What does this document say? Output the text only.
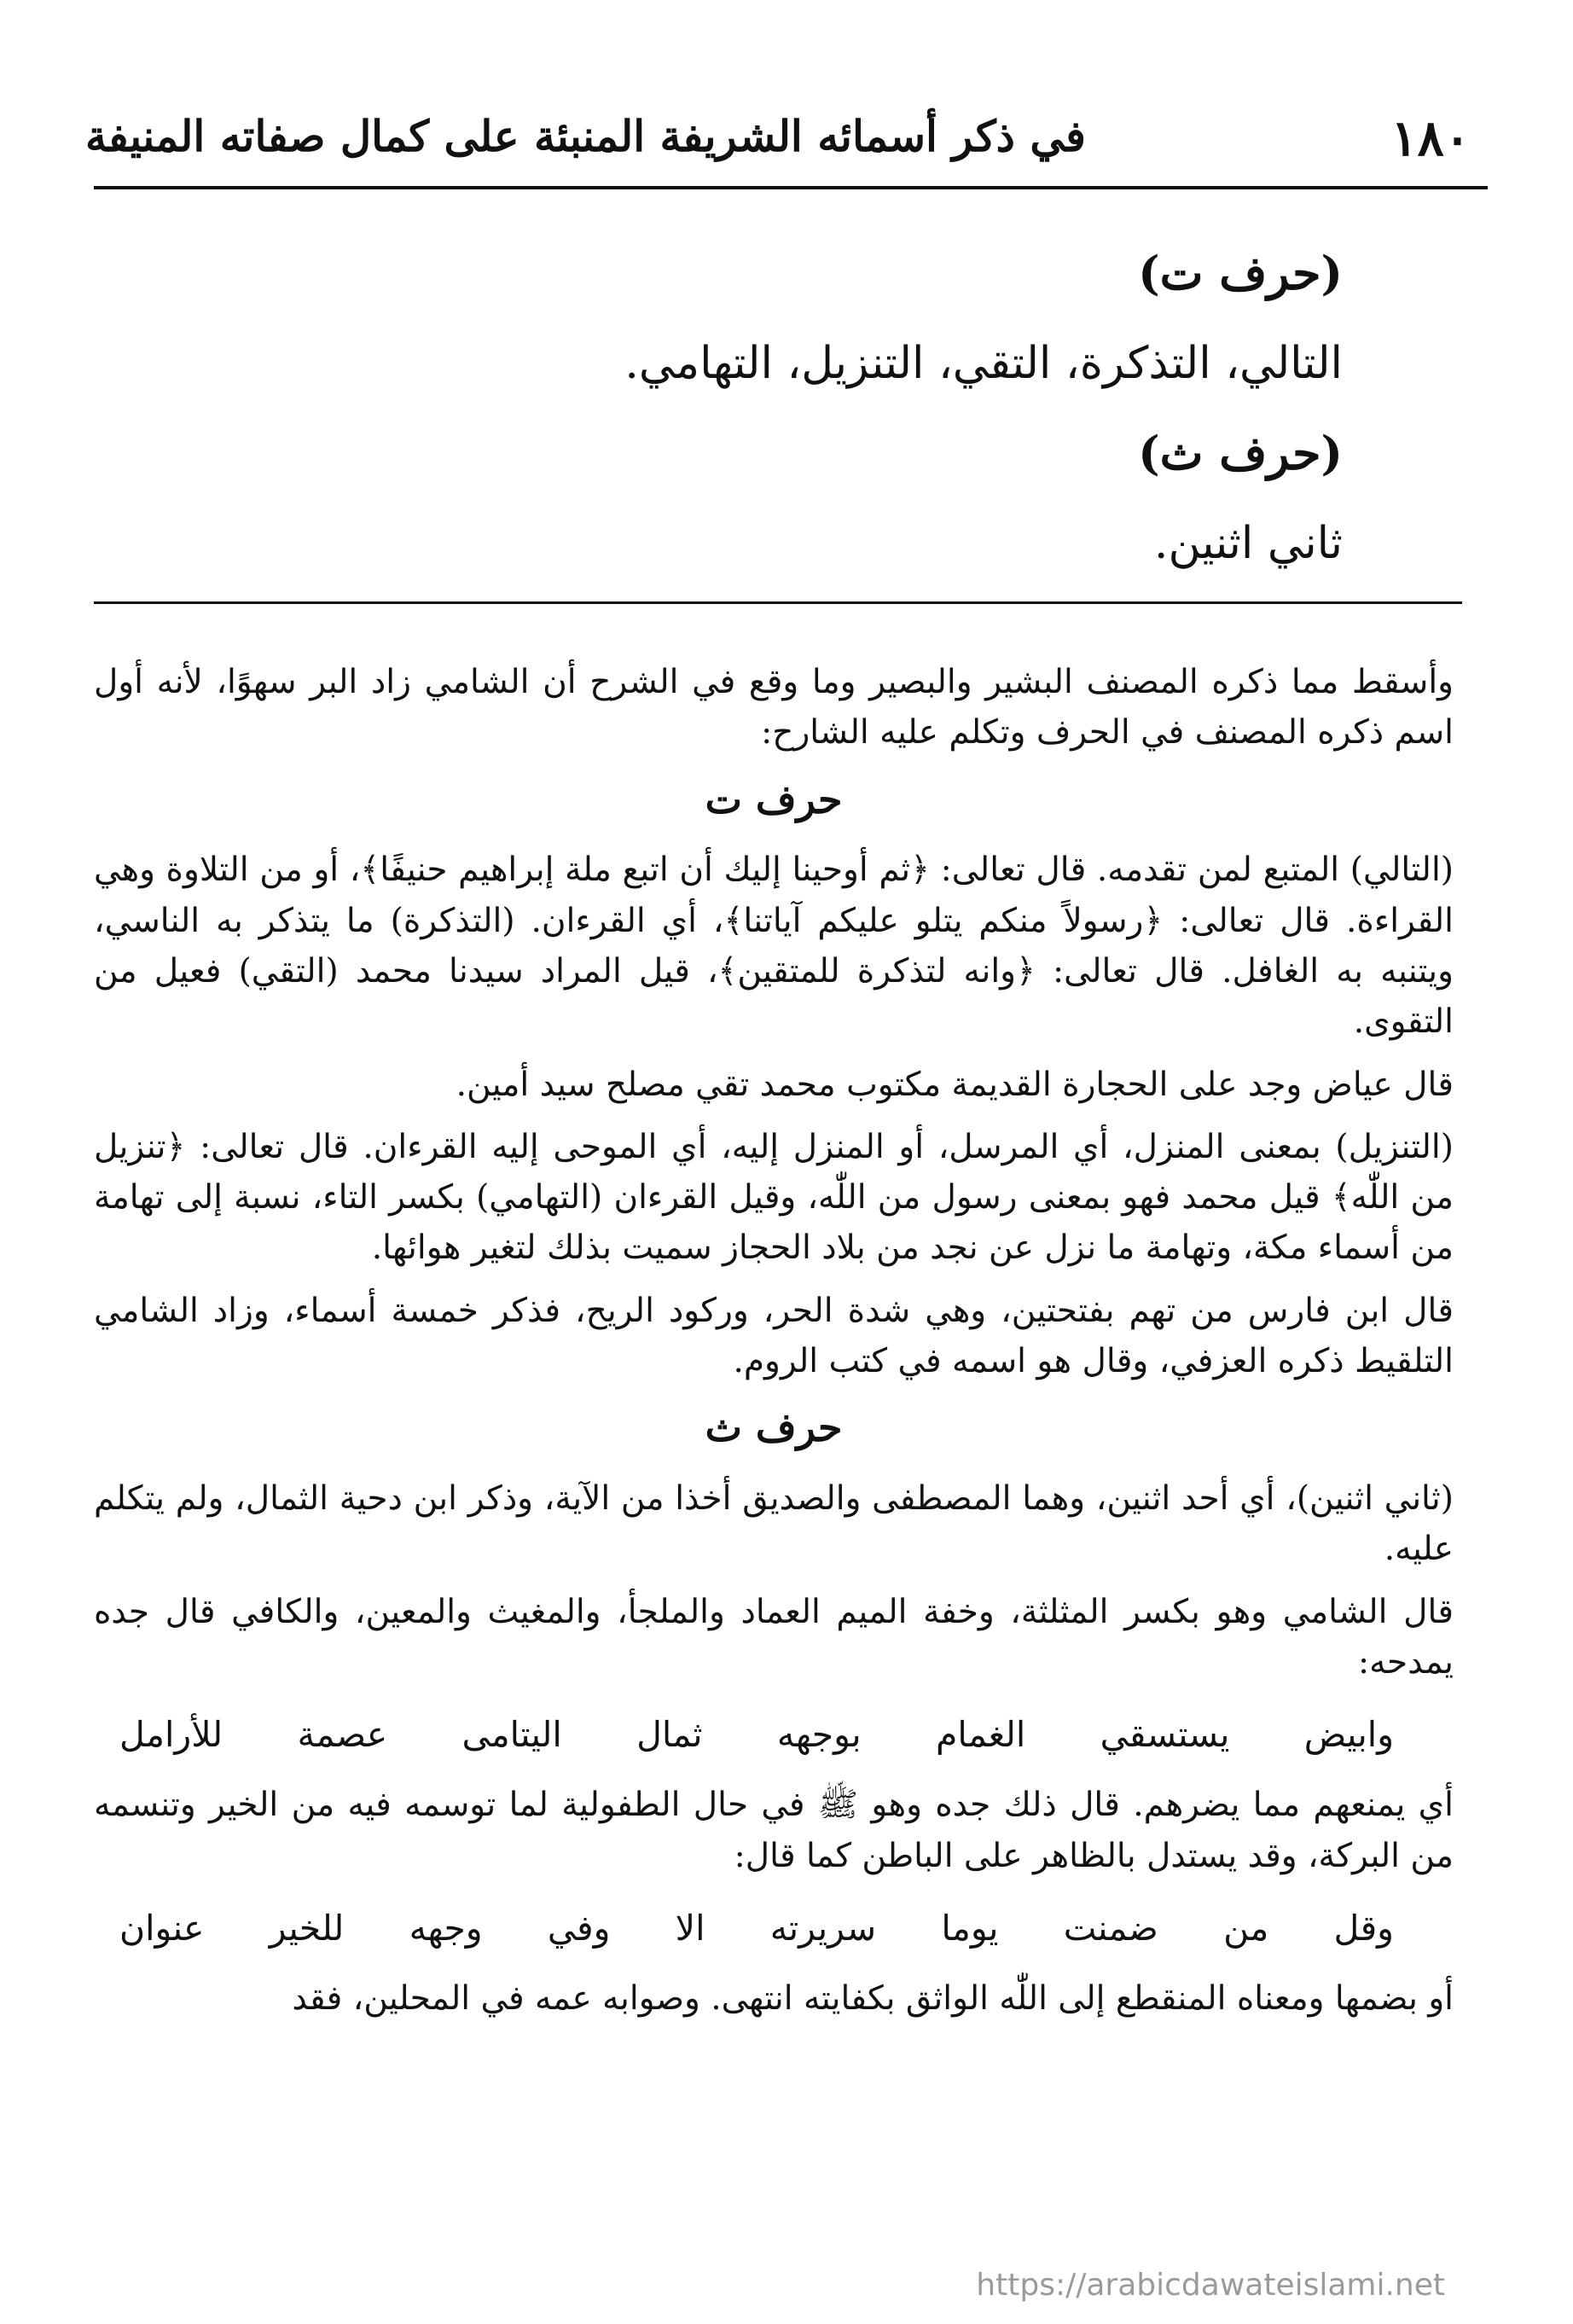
١٨٠
في ذكر أسمائه الشريفة المنبئة على كمال صفاته المنيفة
(حرف ت)
التالي، التذكرة، التقي، التنزيل، التهامي.
(حرف ث)
ثاني اثنين.

وأسقط مما ذكره المصنف البشير والبصير وما وقع في الشرح أن الشامي زاد البر سهوًا، لأنه أول اسم ذكره المصنف في الحرف وتكلم عليه الشارح:

حرف ت

(التالي) المتبع لمن تقدمه. قال تعالى: ﴿ثم أوحينا إليك أن اتبع ملة إبراهيم حنيفًا﴾، أو من التلاوة وهي القراءة. قال تعالى: ﴿رسولاً منكم يتلو عليكم آياتنا﴾، أي القرءان. (التذكرة) ما يتذكر به الناسي، ويتنبه به الغافل. قال تعالى: ﴿وانه لتذكرة للمتقين﴾، قيل المراد سيدنا محمد (التقي) فعيل من التقوى.

قال عياض وجد على الحجارة القديمة مكتوب محمد تقي مصلح سيد أمين.

(التنزيل) بمعنى المنزل، أي المرسل، أو المنزل إليه، أي الموحى إليه القرءان. قال تعالى: ﴿تنزيل من اللّٰه﴾ قيل محمد فهو بمعنى رسول من اللّٰه، وقيل القرءان (التهامي) بكسر التاء، نسبة إلى تهامة من أسماء مكة، وتهامة ما نزل عن نجد من بلاد الحجاز سميت بذلك لتغير هوائها.

قال ابن فارس من تهم بفتحتين، وهي شدة الحر، وركود الريح، فذكر خمسة أسماء، وزاد الشامي التلقيط ذكره العزفي، وقال هو اسمه في كتب الروم.

حرف ث

(ثاني اثنين)، أي أحد اثنين، وهما المصطفى والصديق أخذا من الآية، وذكر ابن دحية الثمال، ولم يتكلم عليه.

قال الشامي وهو بكسر المثلثة، وخفة الميم العماد والملجأ، والمغيث والمعين، والكافي قال جده يمدحه:

وابيض يستسقي الغمام بوجهه ثمال اليتامى عصمة للأرامل

أي يمنعهم مما يضرهم. قال ذلك جده وهو ﷺ في حال الطفولية لما توسمه فيه من الخير وتنسمه من البركة، وقد يستدل بالظاهر على الباطن كما قال:

وقل من ضمنت يوما سريرته الا وفي وجهه للخير عنوان

أو بضمها ومعناه المنقطع إلى اللّٰه الواثق بكفايته انتهى. وصوابه عمه في المحلين، فقد

https://arabicdawateislami.net
